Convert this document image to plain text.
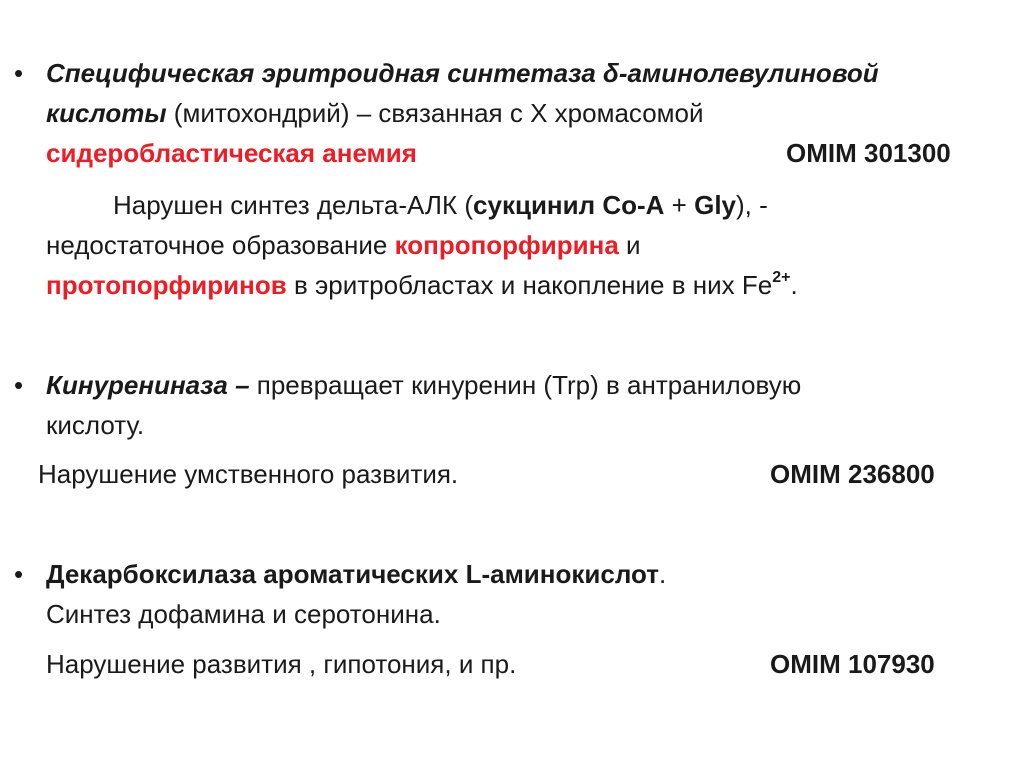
• Специфическая эритроидная синтетаза δ-аминолевулиновой
кислоты (митохондрий) – связанная с Х хромасомой
сидеробластическая анемия	OMIM 301300
Нарушен синтез дельта-АЛК (сукцинил Со-А + Gly), -
недостаточное образование копропорфирина и
протопорфиринов в эритробластах и накопление в них $Fe^{2+}$.
• Кинурениназа – превращает кинуренин (Trp) в антраниловую
кислоту.
Нарушение умственного развития.	OMIM 236800
• Декарбоксилаза ароматических L-аминокислот.
Синтез дофамина и серотонина.
Нарушение развития , гипотония, и пр.	OMIM 107930
